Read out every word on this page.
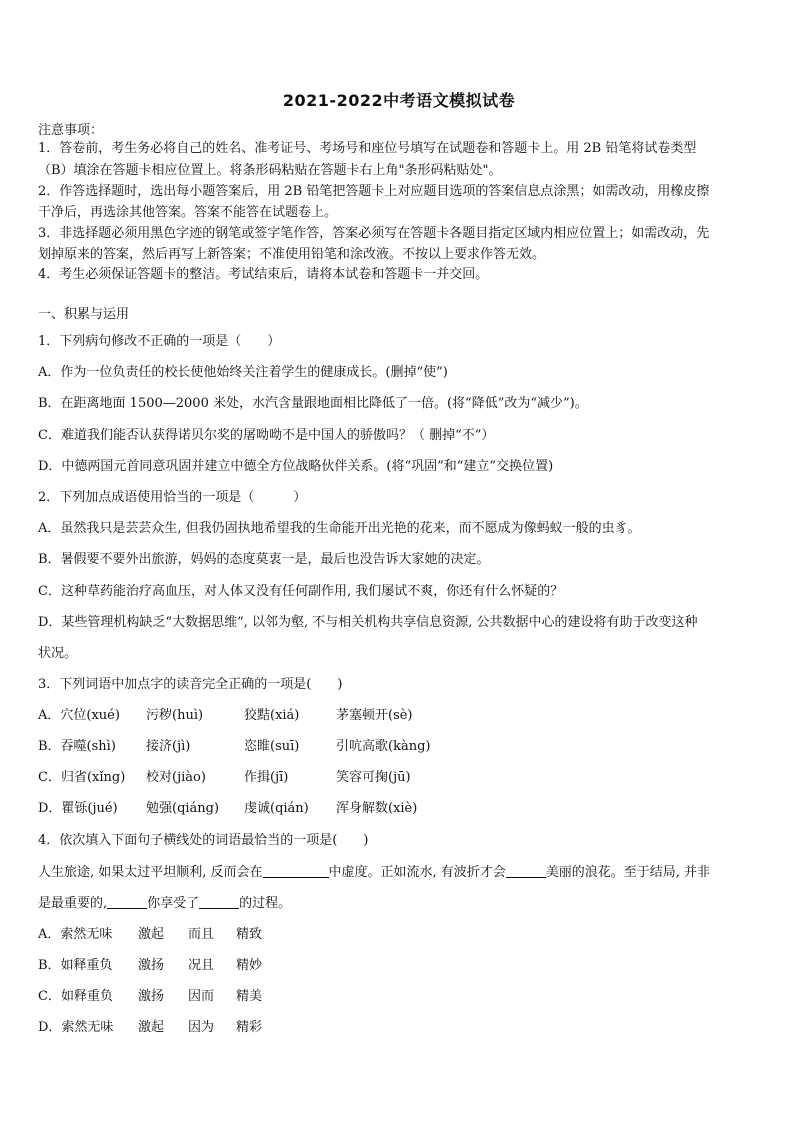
2021-2022中考语文模拟试卷
注意事项：
1．答卷前，考生务必将自己的姓名、准考证号、考场号和座位号填写在试题卷和答题卡上。用 2B 铅笔将试卷类型
（B）填涂在答题卡相应位置上。将条形码粘贴在答题卡右上角"条形码粘贴处"。
2．作答选择题时，选出每小题答案后，用 2B 铅笔把答题卡上对应题目选项的答案信息点涂黑；如需改动，用橡皮擦
干净后，再选涂其他答案。答案不能答在试题卷上。
3．非选择题必须用黑色字迹的钢笔或签字笔作答，答案必须写在答题卡各题目指定区域内相应位置上；如需改动，先
划掉原来的答案，然后再写上新答案；不准使用铅笔和涂改液。不按以上要求作答无效。
4．考生必须保证答题卡的整洁。考试结束后，请将本试卷和答题卡一并交回。
一、积累与运用
1．下列病句修改不正确的一项是（　　）
A．作为一位负责任的校长使他始终关注着学生的健康成长。(删掉“使”)
B．在距离地面 1500—2000 米处，水汽含量跟地面相比降低了一倍。(将“降低”改为“减少”)。
C．难道我们能否认获得诺贝尔奖的屠呦呦不是中国人的骄傲吗？（ 删掉“不”）
D．中德两国元首同意巩固并建立中德全方位战略伙伴关系。(将“巩固”和“建立”交换位置)
2．下列加点成语使用恰当的一项是（　　　）
A．虽然我只是芸芸众生, 但我仍固执地希望我的生命能开出光艳的花来，而不愿成为像蚂蚁一般的虫豸。
B．暑假要不要外出旅游，妈妈的态度莫衷一是，最后也没告诉大家她的决定。
C．这种草药能治疗高血压，对人体又没有任何副作用, 我们屡试不爽，你还有什么怀疑的？
D．某些管理机构缺乏“大数据思维”, 以邻为壑, 不与相关机构共享信息资源, 公共数据中心的建设将有助于改变这种
状况。
3．下列词语中加点字的读音完全正确的一项是(　　)
A．穴位(xué) 污秽(huì)	狡黠(xiá)	茅塞顿开(sè)
B．吞噬(shì) 接济(jì)	恣睢(suī)	引吭高歌(kàng)
C．归省(xǐng) 校对(jiào)	作揖(jī)	笑容可掬(jū)
D．瞿铄(jué) 勉强(qiáng) 虔诚(qián) 浑身解数(xiè)
4．依次填入下面句子横线处的词语最恰当的一项是(　　)
人生旅途, 如果太过平坦顺利, 反而会在	中虚度。正如流水, 有波折才会	美丽的浪花。至于结局, 并非
是最重要的,	你享受了	的过程。
A．索然无味 激起 而且 精致
B．如释重负 激扬 况且 精妙
C．如释重负 激扬 因而 精美
D．索然无味 激起 因为 精彩
